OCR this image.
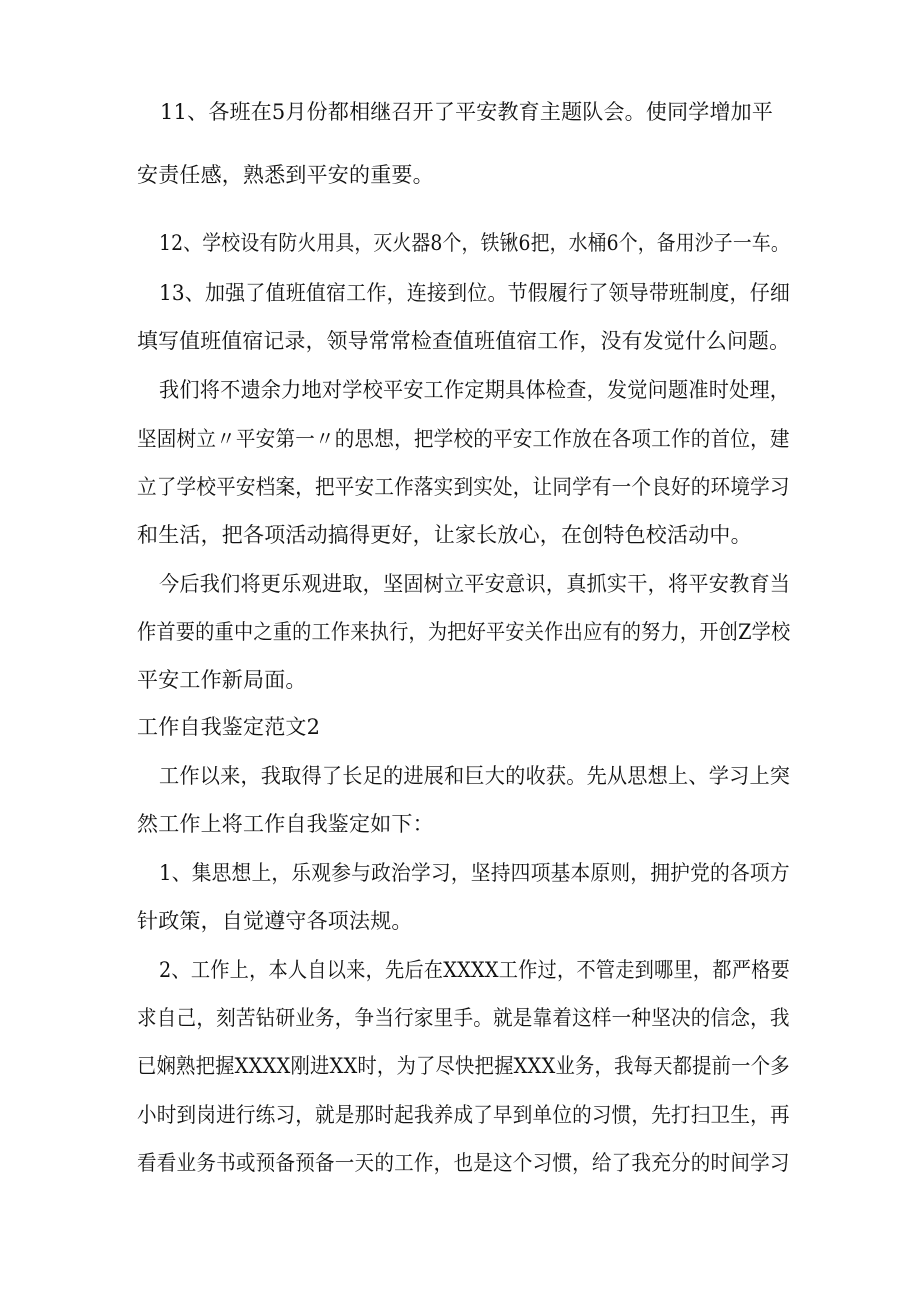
11、各班在5月份都相继召开了平安教育主题队会。使同学增加平
安责任感，熟悉到平安的重要。
12、学校设有防火用具，灭火器8个，铁锹6把，水桶6个，备用沙子一车。
13、加强了值班值宿工作，连接到位。节假履行了领导带班制度，仔细
填写值班值宿记录，领导常常检查值班值宿工作，没有发觉什么问题。
我们将不遗余力地对学校平安工作定期具体检查，发觉问题准时处理，
坚固树立〃平安第一〃的思想，把学校的平安工作放在各项工作的首位，建
立了学校平安档案，把平安工作落实到实处，让同学有一个良好的环境学习
和生活，把各项活动搞得更好，让家长放心，在创特色校活动中。
今后我们将更乐观进取，坚固树立平安意识，真抓实干，将平安教育当
作首要的重中之重的工作来执行，为把好平安关作出应有的努力，开创Z学校
平安工作新局面。
工作自我鉴定范文2
工作以来，我取得了长足的进展和巨大的收获。先从思想上、学习上突
然工作上将工作自我鉴定如下：
1、集思想上，乐观参与政治学习，坚持四项基本原则，拥护党的各项方
针政策，自觉遵守各项法规。
2、工作上，本人自以来，先后在XXXX工作过，不管走到哪里，都严格要
求自己，刻苦钻研业务，争当行家里手。就是靠着这样一种坚决的信念，我
已娴熟把握XXXX刚进XX时，为了尽快把握XXX业务，我每天都提前一个多
小时到岗进行练习，就是那时起我养成了早到单位的习惯，先打扫卫生，再
看看业务书或预备预备一天的工作，也是这个习惯，给了我充分的时间学习
